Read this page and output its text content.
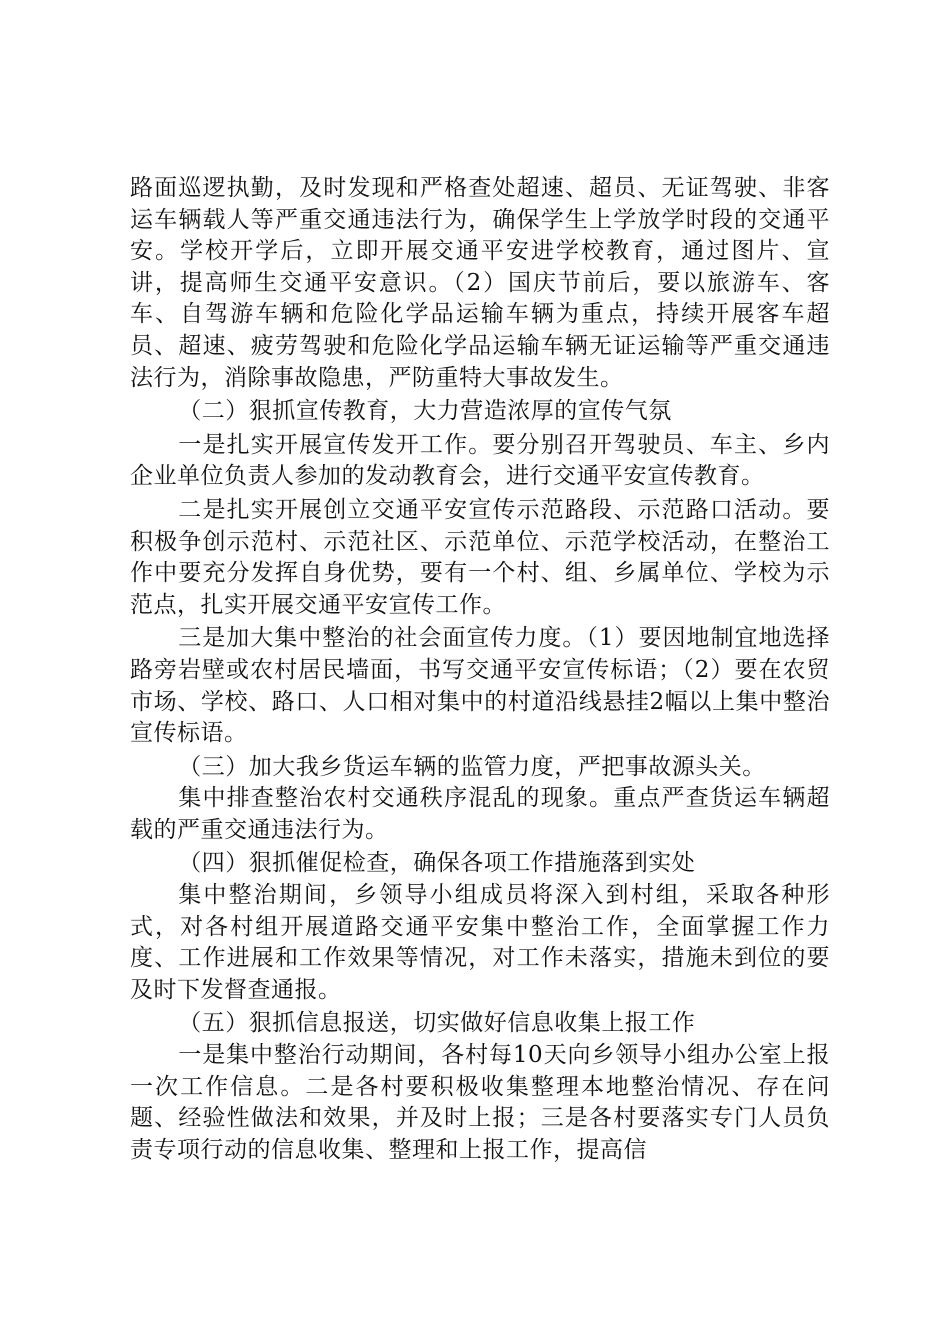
路面巡逻执勤，及时发现和严格查处超速、超员、无证驾驶、非客运车辆载人等严重交通违法行为，确保学生上学放学时段的交通平安。学校开学后，立即开展交通平安进学校教育，通过图片、宣讲，提高师生交通平安意识。（2）国庆节前后，要以旅游车、客车、自驾游车辆和危险化学品运输车辆为重点，持续开展客车超员、超速、疲劳驾驶和危险化学品运输车辆无证运输等严重交通违法行为，消除事故隐患，严防重特大事故发生。

（二）狠抓宣传教育，大力营造浓厚的宣传气氛

一是扎实开展宣传发开工作。要分别召开驾驶员、车主、乡内企业单位负责人参加的发动教育会，进行交通平安宣传教育。

二是扎实开展创立交通平安宣传示范路段、示范路口活动。要积极争创示范村、示范社区、示范单位、示范学校活动，在整治工作中要充分发挥自身优势，要有一个村、组、乡属单位、学校为示范点，扎实开展交通平安宣传工作。

三是加大集中整治的社会面宣传力度。（1）要因地制宜地选择路旁岩壁或农村居民墙面，书写交通平安宣传标语；（2）要在农贸市场、学校、路口、人口相对集中的村道沿线悬挂2幅以上集中整治宣传标语。

（三）加大我乡货运车辆的监管力度，严把事故源头关。

集中排查整治农村交通秩序混乱的现象。重点严查货运车辆超载的严重交通违法行为。

（四）狠抓催促检查，确保各项工作措施落到实处

集中整治期间，乡领导小组成员将深入到村组，采取各种形式，对各村组开展道路交通平安集中整治工作，全面掌握工作力度、工作进展和工作效果等情况，对工作未落实，措施未到位的要及时下发督查通报。

（五）狠抓信息报送，切实做好信息收集上报工作

一是集中整治行动期间，各村每10天向乡领导小组办公室上报一次工作信息。二是各村要积极收集整理本地整治情况、存在问题、经验性做法和效果，并及时上报；三是各村要落实专门人员负责专项行动的信息收集、整理和上报工作，提高信
